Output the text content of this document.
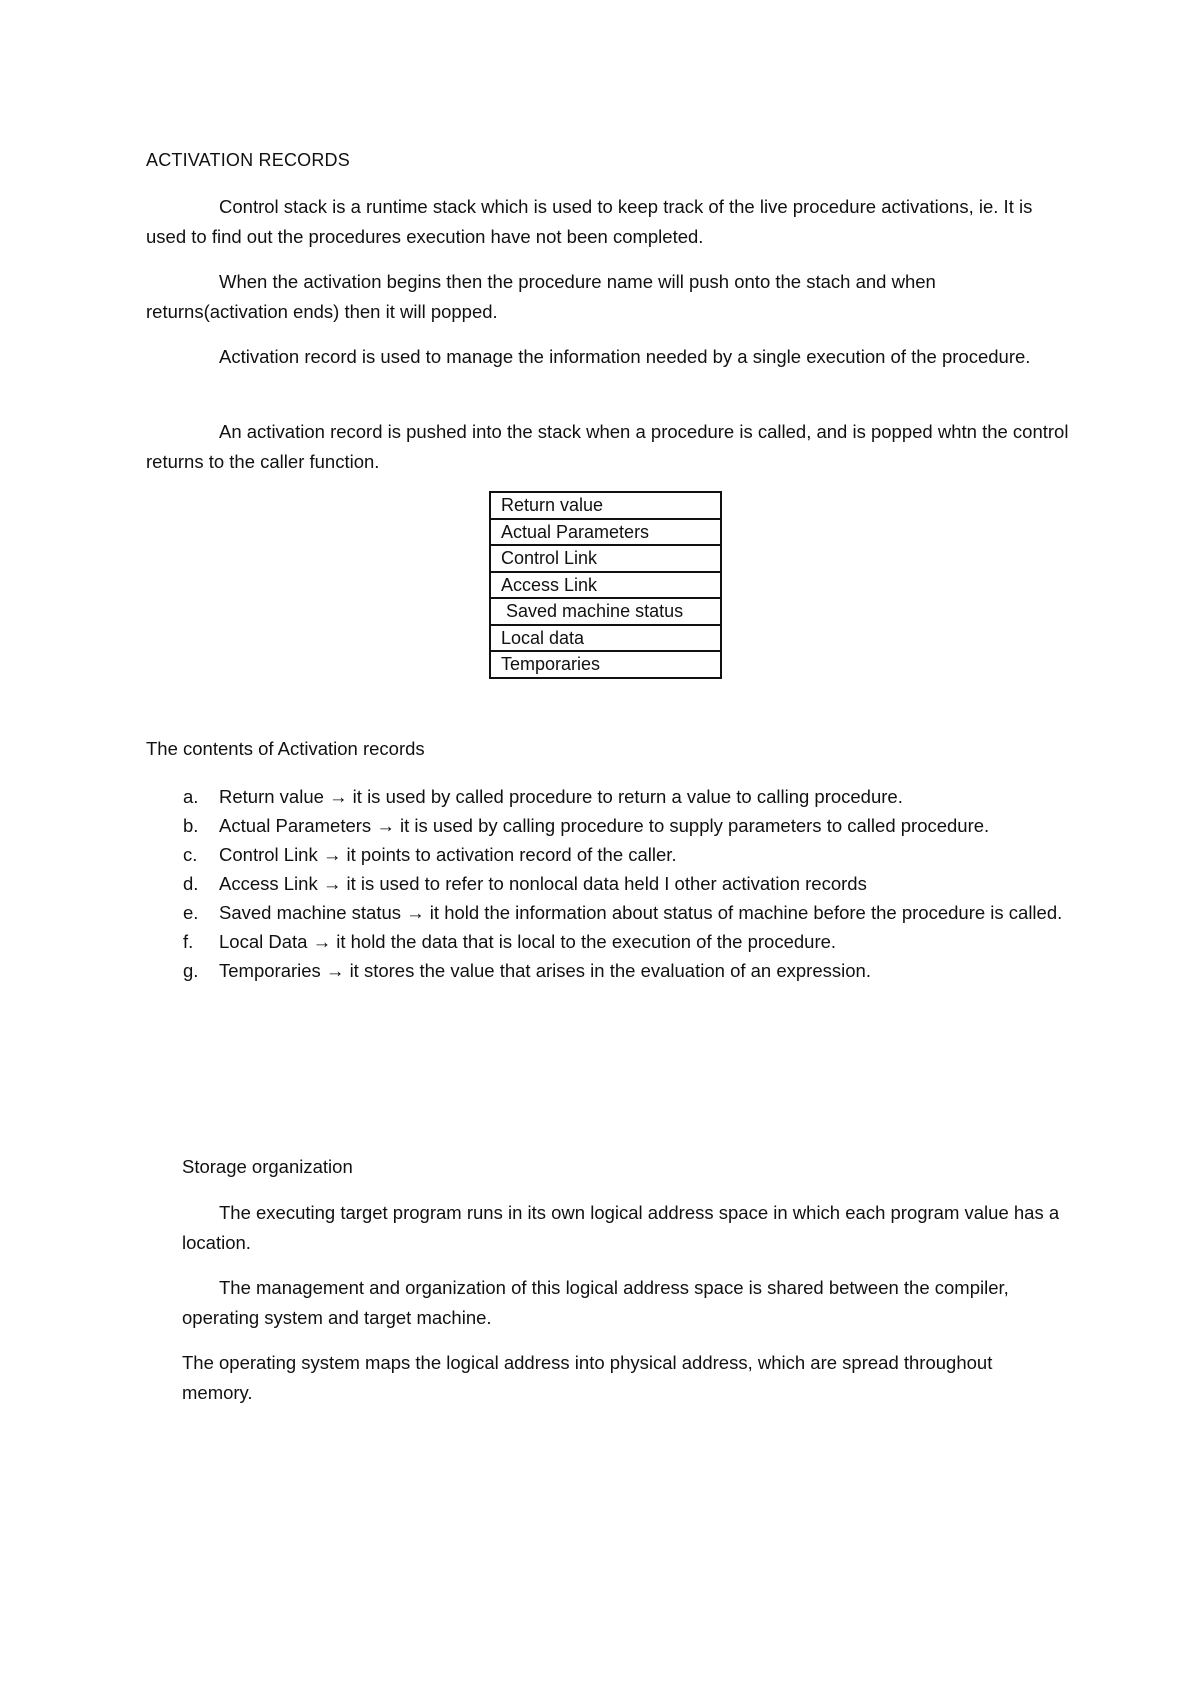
ACTIVATION RECORDS

Control stack is a runtime stack which is used to keep track of the live procedure activations, ie. It is used to find out the procedures execution have not been completed.

When the activation begins then the procedure name will push onto the stach and when returns(activation ends) then it will popped.

Activation record is used to manage the information needed by a single execution of the procedure.

An activation record is pushed into the stack when a procedure is called, and is popped whtn the control returns to the caller function.

Return value
Actual Parameters
Control Link
Access Link
Saved machine status
Local data
Temporaries
The contents of Activation records
a. Return value → it is used by called procedure to return a value to calling procedure.
b. Actual Parameters → it is used by calling procedure to supply parameters to called procedure.
c. Control Link → it points to activation record of the caller.
d. Access Link → it is used to refer to nonlocal data held I other activation records
e. Saved machine status → it hold the information about status of machine before the procedure is called.
f. Local Data → it hold the data that is local to the execution of the procedure.
g. Temporaries → it stores the value that arises in the evaluation of an expression.
Storage organization

The executing target program runs in its own logical address space in which each program value has a location.

The management and organization of this logical address space is shared between the compiler, operating system and target machine.

The operating system maps the logical address into physical address, which are spread throughout memory.
